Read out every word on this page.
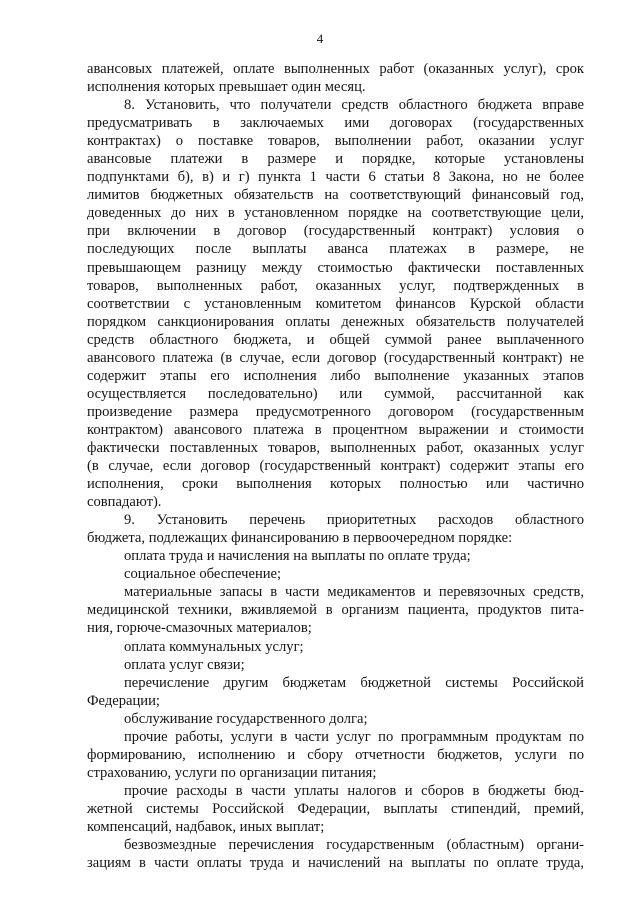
4
авансовых платежей, оплате выполненных работ (оказанных услуг), срок
исполнения которых превышает один месяц.
8. Установить, что получатели средств областного бюджета вправе
предусматривать в заключаемых ими договорах (государственных
контрактах) о поставке товаров, выполнении работ, оказании услуг
авансовые платежи в размере и порядке, которые установлены
подпунктами б), в) и г) пункта 1 части 6 статьи 8 Закона, но не более
лимитов бюджетных обязательств на соответствующий финансовый год,
доведенных до них в установленном порядке на соответствующие цели,
при включении в договор (государственный контракт) условия о
последующих после выплаты аванса платежах в размере, не
превышающем разницу между стоимостью фактически поставленных
товаров, выполненных работ, оказанных услуг, подтвержденных в
соответствии с установленным комитетом финансов Курской области
порядком санкционирования оплаты денежных обязательств получателей
средств областного бюджета, и общей суммой ранее выплаченного
авансового платежа (в случае, если договор (государственный контракт) не
содержит этапы его исполнения либо выполнение указанных этапов
осуществляется последовательно) или суммой, рассчитанной как
произведение размера предусмотренного договором (государственным
контрактом) авансового платежа в процентном выражении и стоимости
фактически поставленных товаров, выполненных работ, оказанных услуг
(в случае, если договор (государственный контракт) содержит этапы его
исполнения, сроки выполнения которых полностью или частично
совпадают).
9. Установить перечень приоритетных расходов областного
бюджета, подлежащих финансированию в первоочередном порядке:
оплата труда и начисления на выплаты по оплате труда;
социальное обеспечение;
материальные запасы в части медикаментов и перевязочных средств,
медицинской техники, вживляемой в организм пациента, продуктов пита-
ния, горюче-смазочных материалов;
оплата коммунальных услуг;
оплата услуг связи;
перечисление другим бюджетам бюджетной системы Российской
Федерации;
обслуживание государственного долга;
прочие работы, услуги в части услуг по программным продуктам по
формированию, исполнению и сбору отчетности бюджетов, услуги по
страхованию, услуги по организации питания;
прочие расходы в части уплаты налогов и сборов в бюджеты бюд-
жетной системы Российской Федерации, выплаты стипендий, премий,
компенсаций, надбавок, иных выплат;
безвозмездные перечисления государственным (областным) органи-
зациям в части оплаты труда и начислений на выплаты по оплате труда,
